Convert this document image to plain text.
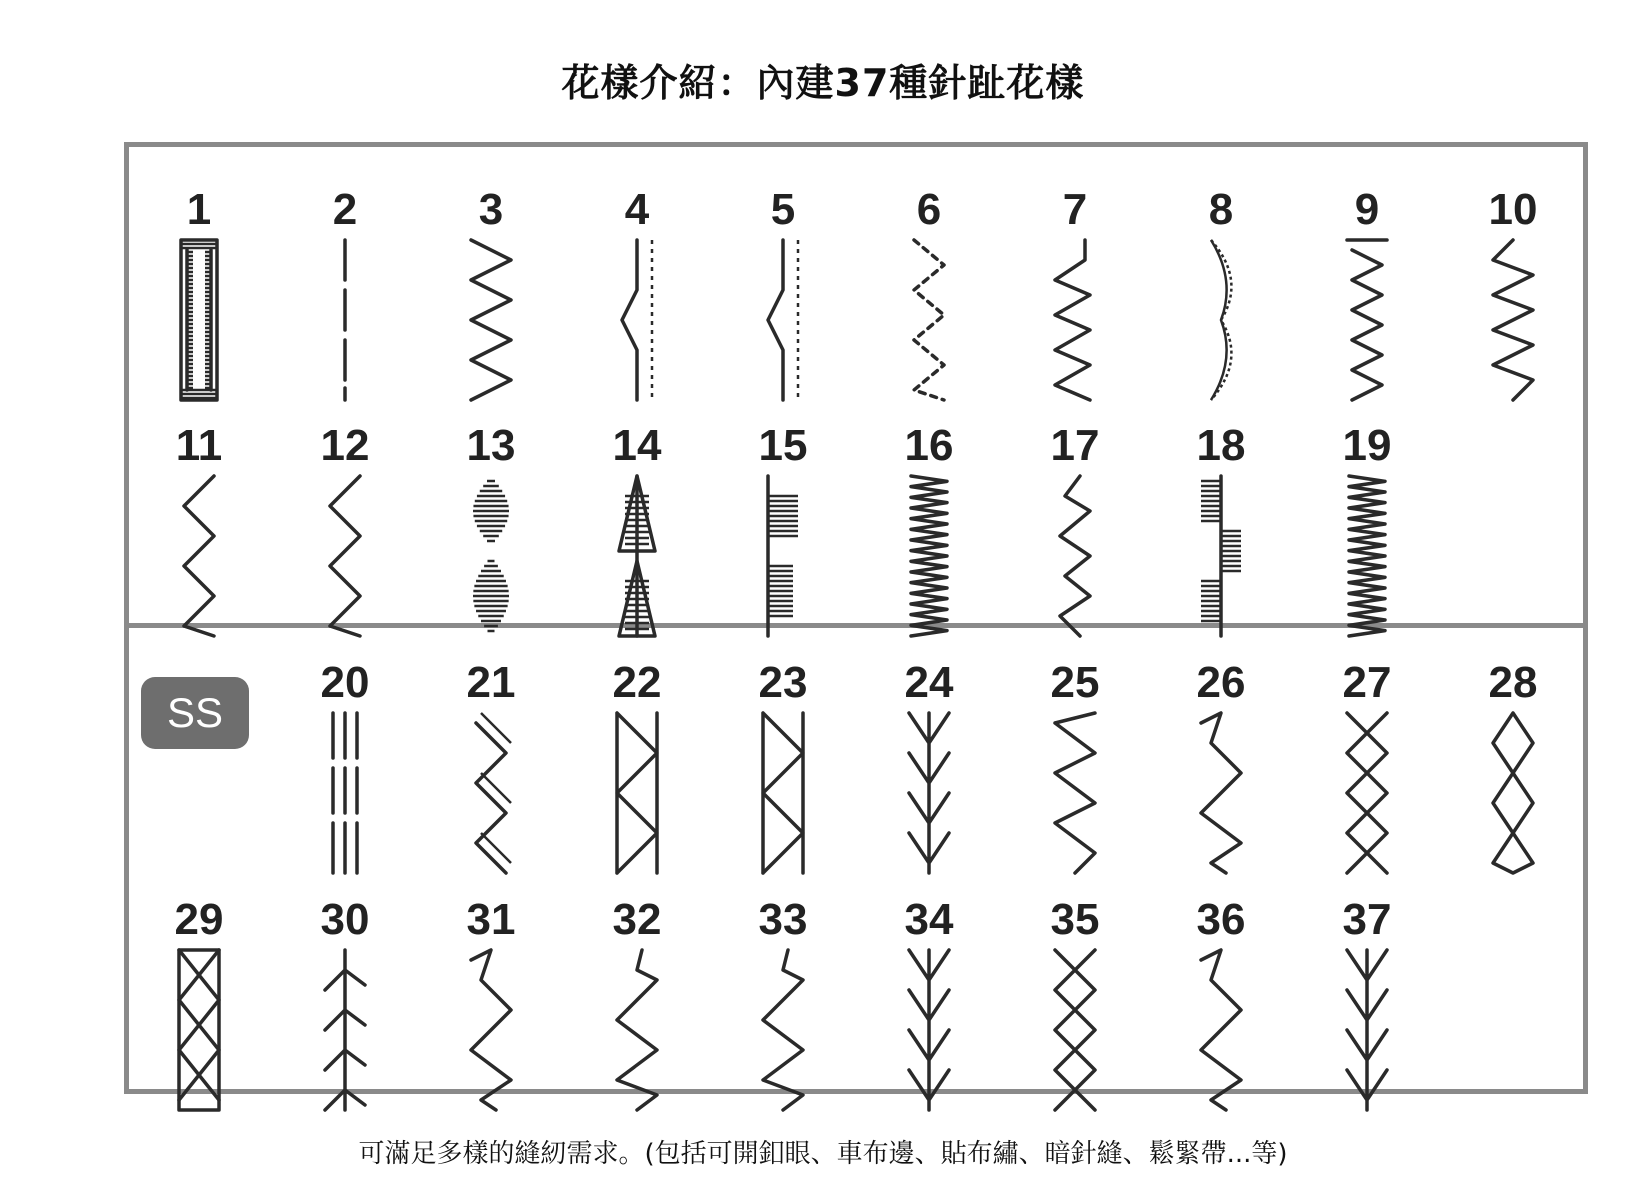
花樣介紹：內建37種針趾花樣
SS
1	2	3	4	5	6	7	8	9	10
11	12	13	14	15	16	17	18	19
20	21	22	23	24	25	26	27	28
29	30	31	32	33	34	35	36	37
可滿足多樣的縫紉需求。(包括可開釦眼、車布邊、貼布繡、暗針縫、鬆緊帶...等)
